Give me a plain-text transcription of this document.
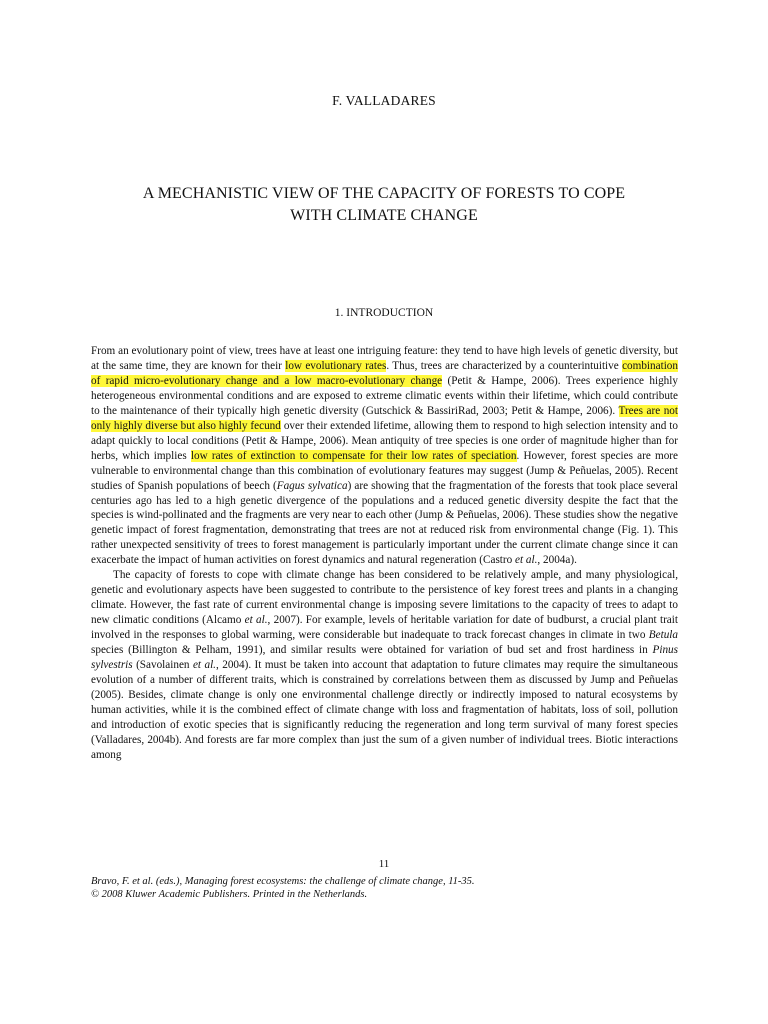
F. VALLADARES
A MECHANISTIC VIEW OF THE CAPACITY OF FORESTS TO COPE
WITH CLIMATE CHANGE
1. INTRODUCTION

From an evolutionary point of view, trees have at least one intriguing feature: they tend to have high levels of genetic diversity, but at the same time, they are known for their low evolutionary rates. Thus, trees are characterized by a counterintuitive combination of rapid micro-evolutionary change and a low macro-evolutionary change (Petit & Hampe, 2006). Trees experience highly heterogeneous environmental conditions and are exposed to extreme climatic events within their lifetime, which could contribute to the maintenance of their typically high genetic diversity (Gutschick & BassiriRad, 2003; Petit & Hampe, 2006). Trees are not only highly diverse but also highly fecund over their extended lifetime, allowing them to respond to high selection intensity and to adapt quickly to local conditions (Petit & Hampe, 2006). Mean antiquity of tree species is one order of magnitude higher than for herbs, which implies low rates of extinction to compensate for their low rates of speciation. However, forest species are more vulnerable to environmental change than this combination of evolutionary features may suggest (Jump & Peñuelas, 2005). Recent studies of Spanish populations of beech (Fagus sylvatica) are showing that the fragmentation of the forests that took place several centuries ago has led to a high genetic divergence of the populations and a reduced genetic diversity despite the fact that the species is wind-pollinated and the fragments are very near to each other (Jump & Peñuelas, 2006). These studies show the negative genetic impact of forest fragmentation, demonstrating that trees are not at reduced risk from environmental change (Fig. 1). This rather unexpected sensitivity of trees to forest management is particularly important under the current climate change since it can exacerbate the impact of human activities on forest dynamics and natural regeneration (Castro et al., 2004a).

The capacity of forests to cope with climate change has been considered to be relatively ample, and many physiological, genetic and evolutionary aspects have been suggested to contribute to the persistence of key forest trees and plants in a changing climate. However, the fast rate of current environmental change is imposing severe limitations to the capacity of trees to adapt to new climatic conditions (Alcamo et al., 2007). For example, levels of heritable variation for date of budburst, a crucial plant trait involved in the responses to global warming, were considerable but inadequate to track forecast changes in climate in two Betula species (Billington & Pelham, 1991), and similar results were obtained for variation of bud set and frost hardiness in Pinus sylvestris (Savolainen et al., 2004). It must be taken into account that adaptation to future climates may require the simultaneous evolution of a number of different traits, which is constrained by correlations between them as discussed by Jump and Peñuelas (2005). Besides, climate change is only one environmental challenge directly or indirectly imposed to natural ecosystems by human activities, while it is the combined effect of climate change with loss and fragmentation of habitats, loss of soil, pollution and introduction of exotic species that is significantly reducing the regeneration and long term survival of many forest species (Valladares, 2004b). And forests are far more complex than just the sum of a given number of individual trees. Biotic interactions among

11
Bravo, F. et al. (eds.), Managing forest ecosystems: the challenge of climate change, 11-35.
© 2008 Kluwer Academic Publishers. Printed in the Netherlands.
